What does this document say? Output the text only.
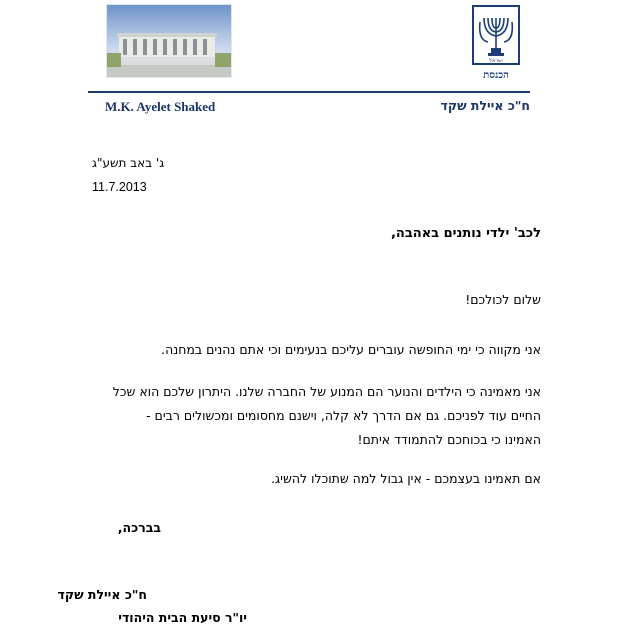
ישראל
הכנסת
M.K. Ayelet Shaked	ח"כ איילת שקד
ג' באב תשע"ג
11.7.2013
לכב' ילדי נותנים באהבה,
שלום לכולכם!
אני מקווה כי ימי החופשה עוברים עליכם בנעימים וכי אתם נהנים במחנה.
אני מאמינה כי הילדים והנוער הם המנוע של החברה שלנו. היתרון שלכם הוא שכל
החיים עוד לפניכם. גם אם הדרך לא קלה, וישנם מחסומים ומכשולים רבים -
האמינו כי בכוחכם להתמודד איתם!
אם תאמינו בעצמכם - אין גבול למה שתוכלו להשיג.
בברכה,
ח"כ איילת שקד
יו"ר סיעת הבית היהודי
